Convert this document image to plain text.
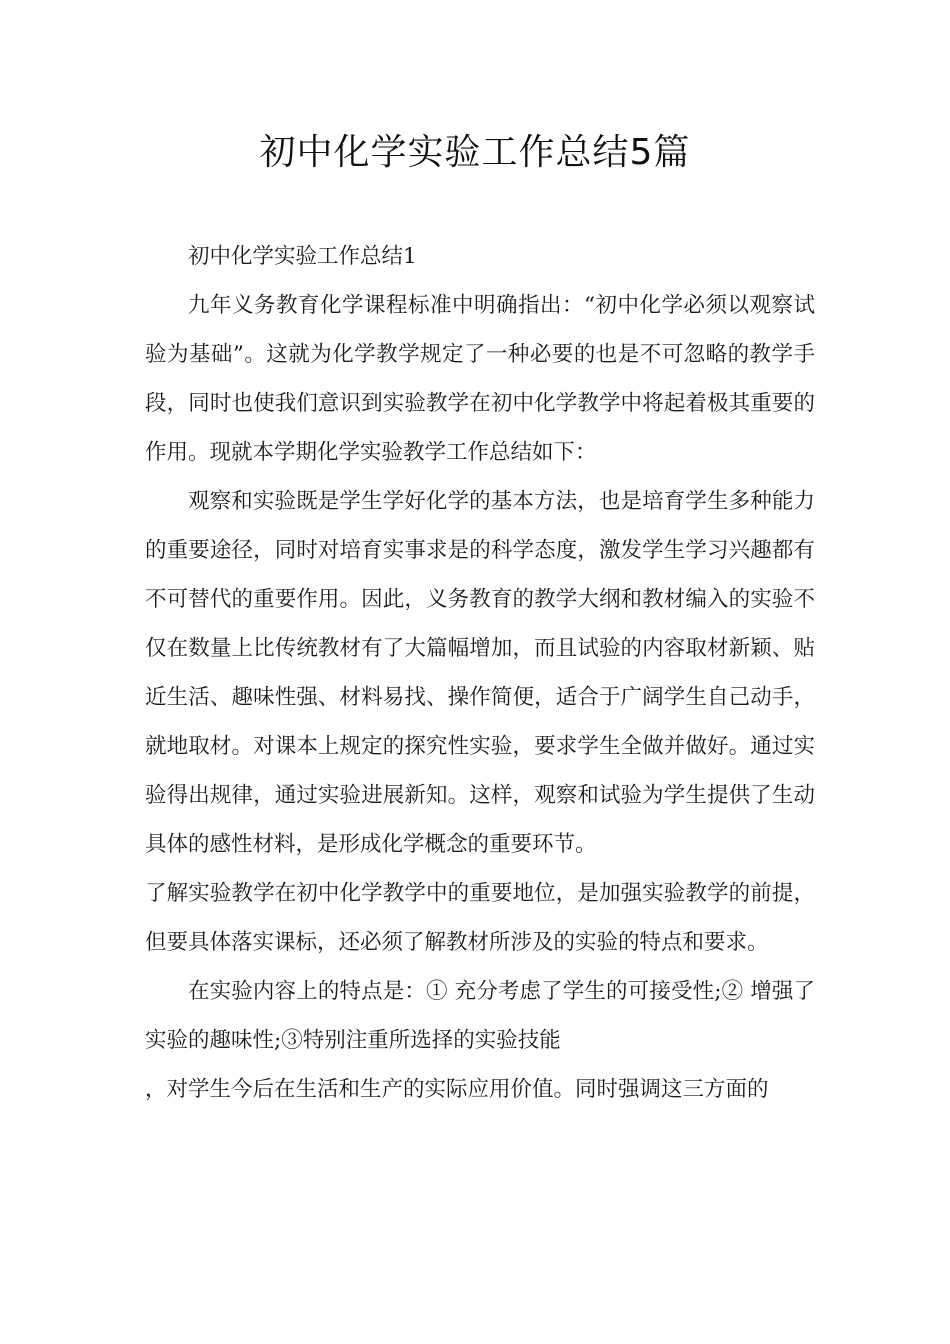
初中化学实验工作总结5篇

初中化学实验工作总结1

九年义务教育化学课程标准中明确指出：“初中化学必须以观察试验为基础”。这就为化学教学规定了一种必要的也是不可忽略的教学手段，同时也使我们意识到实验教学在初中化学教学中将起着极其重要的作用。现就本学期化学实验教学工作总结如下：

观察和实验既是学生学好化学的基本方法，也是培育学生多种能力的重要途径，同时对培育实事求是的科学态度，激发学生学习兴趣都有不可替代的重要作用。因此，义务教育的教学大纲和教材编入的实验不仅在数量上比传统教材有了大篇幅增加，而且试验的内容取材新颖、贴近生活、趣味性强、材料易找、操作简便，适合于广阔学生自己动手，就地取材。对课本上规定的探究性实验，要求学生全做并做好。通过实验得出规律，通过实验进展新知。这样，观察和试验为学生提供了生动具体的感性材料，是形成化学概念的重要环节。

了解实验教学在初中化学教学中的重要地位，是加强实验教学的前提，但要具体落实课标，还必须了解教材所涉及的实验的特点和要求。

在实验内容上的特点是：① 充分考虑了学生的可接受性;② 增强了实验的趣味性;③特别注重所选择的实验技能

，对学生今后在生活和生产的实际应用价值。同时强调这三方面的
